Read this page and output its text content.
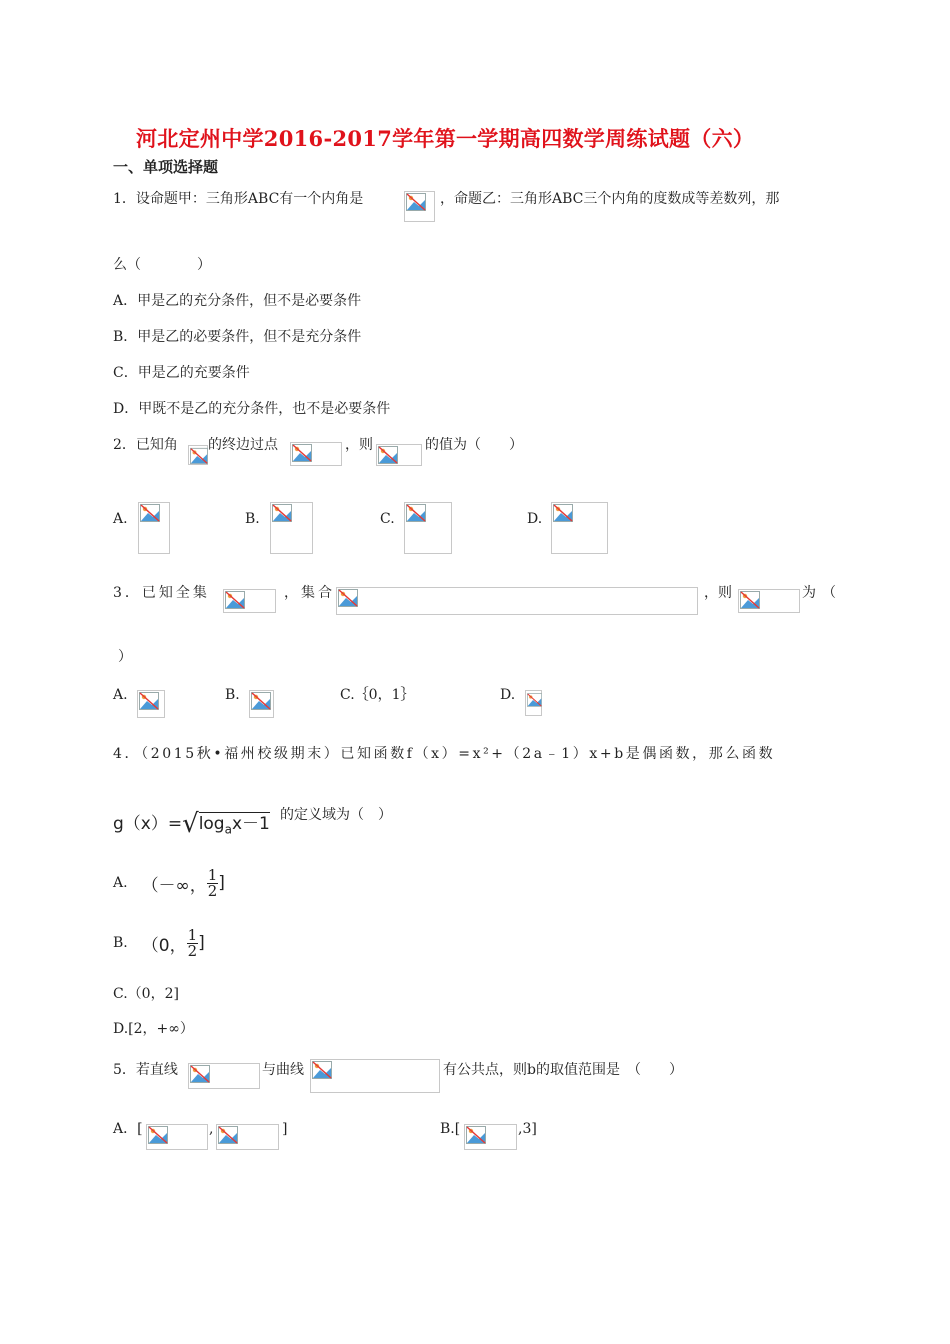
河北定州中学2016-2017学年第一学期高四数学周练试题（六）
一、单项选择题
1．设命题甲：三角形ABC有一个内角是	，命题乙：三角形ABC三个内角的度数成等差数列，那
么（　　　　）
A．甲是乙的充分条件，但不是必要条件
B．甲是乙的必要条件，但不是充分条件
C．甲是乙的充要条件
D．甲既不是乙的充分条件，也不是必要条件
2．已知角 的终边过点	，则	的值为（　　）
A.	B.	C.	D.
3．已知全集	，集合	，则	为（
）
A.	B.	C.｛0，1｝	D.
4．（2015秋•福州校级期末）已知函数f（x）=x²+（2a﹣1）x+b是偶函数，那么函数
$g(x)=√\log_ax-1$ 的定义域为（　）
A. （－∞， $\frac{1}{2}$ ]
B. （0， $\frac{1}{2}$ ]
C.（0，2]
D.[2，+∞）
5．若直线	与曲线	有公共点，则b的取值范围是　（　　）
A．[	,	]	B.[	,3]
